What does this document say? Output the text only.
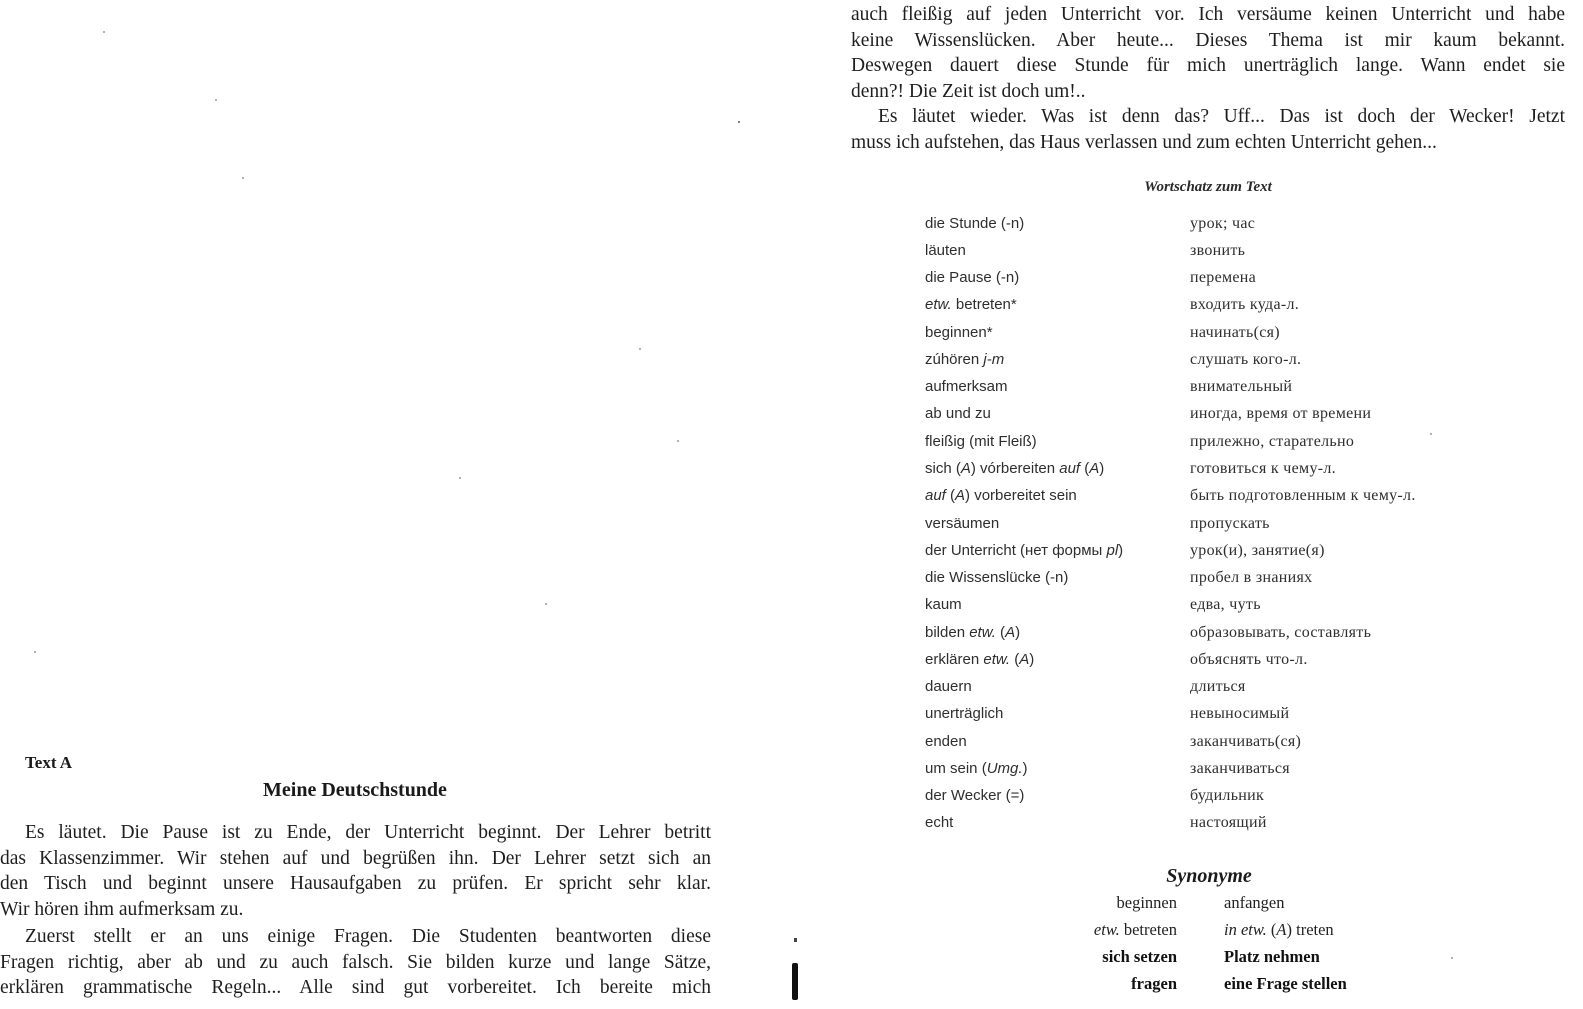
Text A
Meine Deutschstunde
Es läutet. Die Pause ist zu Ende, der Unterricht beginnt. Der Lehrer betritt
das Klassenzimmer. Wir stehen auf und begrüßen ihn. Der Lehrer setzt sich an
den Tisch und beginnt unsere Hausaufgaben zu prüfen. Er spricht sehr klar.
Wir hören ihm aufmerksam zu.
Zuerst stellt er an uns einige Fragen. Die Studenten beantworten diese
Fragen richtig, aber ab und zu auch falsch. Sie bilden kurze und lange Sätze,
erklären grammatische Regeln... Alle sind gut vorbereitet. Ich bereite mich
auch fleißig auf jeden Unterricht vor. Ich versäume keinen Unterricht und habe
keine Wissenslücken. Aber heute... Dieses Thema ist mir kaum bekannt.
Deswegen dauert diese Stunde für mich unerträglich lange. Wann endet sie
denn?! Die Zeit ist doch um!..
Es läutet wieder. Was ist denn das? Uff... Das ist doch der Wecker! Jetzt
muss ich aufstehen, das Haus verlassen und zum echten Unterricht gehen...
Wortschatz zum Text
die Stunde (-n)	урок; час
läuten	звонить
die Pause (-n)	перемена
etw. betreten*	входить куда-л.
beginnen*	начинать(ся)
zúhören j-m	слушать кого-л.
aufmerksam	внимательный
ab und zu	иногда, время от времени
fleißig (mit Fleiß)	прилежно, старательно
sich (A) vórbereiten auf (A)	готовиться к чему-л.
auf (A) vorbereitet sein	быть подготовленным к чему-л.
versäumen	пропускать
der Unterricht (нет формы pl)	урок(и), занятие(я)
die Wissenslücke (-n)	пробел в знаниях
kaum	едва, чуть
bilden etw. (A)	образовывать, составлять
erklären etw. (A)	объяснять что-л.
dauern	длиться
unerträglich	невыносимый
enden	заканчивать(ся)
um sein (Umg.)	заканчиваться
der Wecker (=)	будильник
echt	настоящий
Synonyme
beginnen	anfangen
etw. betreten	in etw. (A) treten
sich setzen	Platz nehmen
fragen	eine Frage stellen
